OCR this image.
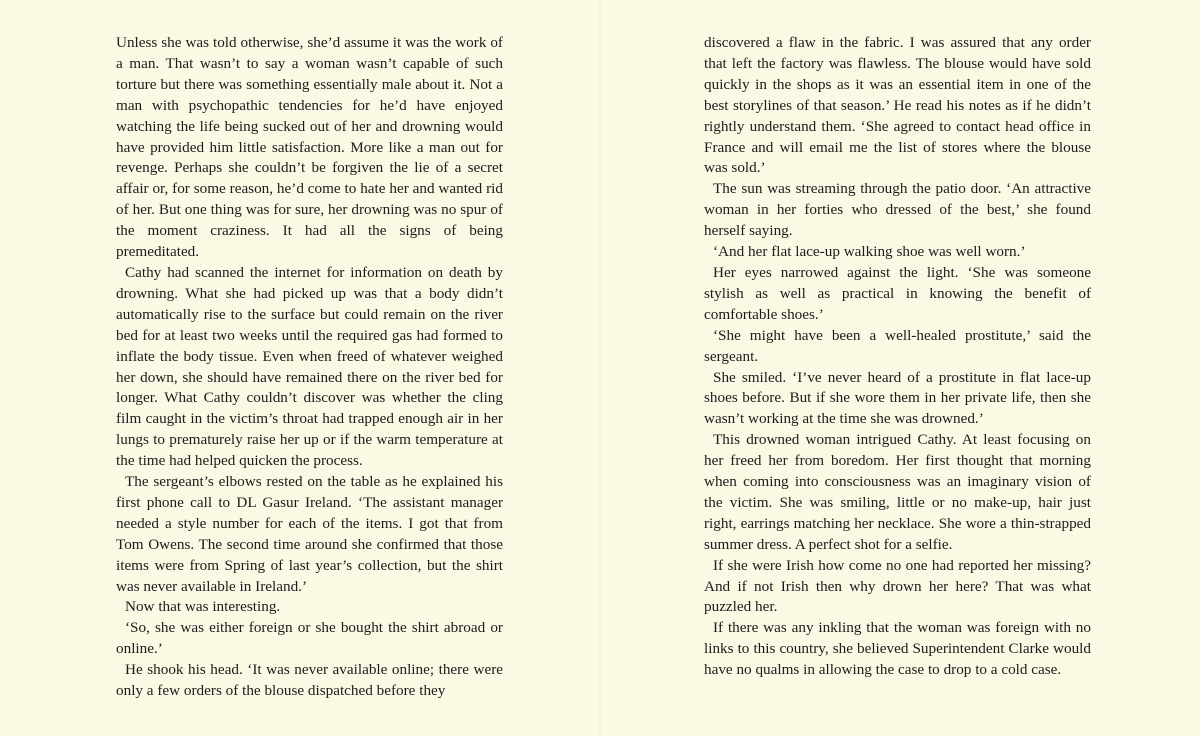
Unless she was told otherwise, she’d assume it was the work of a man. That wasn’t to say a woman wasn’t capable of such torture but there was something essentially male about it. Not a man with psychopathic tendencies for he’d have enjoyed watching the life being sucked out of her and drowning would have provided him little satisfaction. More like a man out for revenge. Perhaps she couldn’t be forgiven the lie of a secret affair or, for some reason, he’d come to hate her and wanted rid of her. But one thing was for sure, her drowning was no spur of the moment craziness. It had all the signs of being premeditated.

Cathy had scanned the internet for information on death by drowning. What she had picked up was that a body didn’t automatically rise to the surface but could remain on the river bed for at least two weeks until the required gas had formed to inflate the body tissue. Even when freed of whatever weighed her down, she should have remained there on the river bed for longer. What Cathy couldn’t discover was whether the cling film caught in the victim’s throat had trapped enough air in her lungs to prematurely raise her up or if the warm temperature at the time had helped quicken the process.

The sergeant’s elbows rested on the table as he explained his first phone call to DL Gasur Ireland. ‘The assistant manager needed a style number for each of the items. I got that from Tom Owens. The second time around she confirmed that those items were from Spring of last year’s collection, but the shirt was never available in Ireland.’

Now that was interesting.

‘So, she was either foreign or she bought the shirt abroad or online.’

He shook his head. ‘It was never available online; there were only a few orders of the blouse dispatched before they

discovered a flaw in the fabric. I was assured that any order that left the factory was flawless. The blouse would have sold quickly in the shops as it was an essential item in one of the best storylines of that season.’ He read his notes as if he didn’t rightly understand them. ‘She agreed to contact head office in France and will email me the list of stores where the blouse was sold.’

The sun was streaming through the patio door. ‘An attractive woman in her forties who dressed of the best,’ she found herself saying.

‘And her flat lace-up walking shoe was well worn.’

Her eyes narrowed against the light. ‘She was someone stylish as well as practical in knowing the benefit of comfortable shoes.’

‘She might have been a well-healed prostitute,’ said the sergeant.

She smiled. ‘I’ve never heard of a prostitute in flat lace-up shoes before. But if she wore them in her private life, then she wasn’t working at the time she was drowned.’

This drowned woman intrigued Cathy. At least focusing on her freed her from boredom. Her first thought that morning when coming into consciousness was an imaginary vision of the victim. She was smiling, little or no make-up, hair just right, earrings matching her necklace. She wore a thin-strapped summer dress. A perfect shot for a selfie.

If she were Irish how come no one had reported her missing? And if not Irish then why drown her here? That was what puzzled her.

If there was any inkling that the woman was foreign with no links to this country, she believed Superintendent Clarke would have no qualms in allowing the case to drop to a cold case.
